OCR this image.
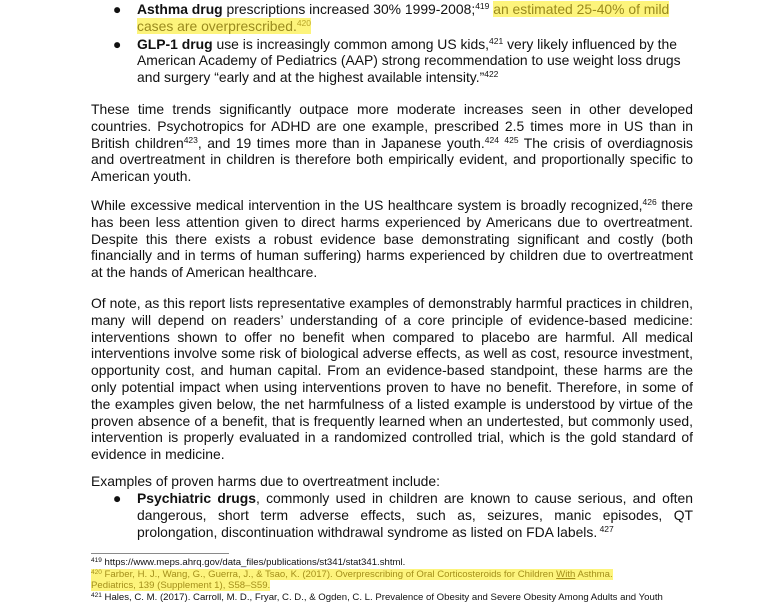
● Asthma drug prescriptions increased 30% 1999-2008;$^{419}$ an estimated 25-40% of mild cases are overprescribed.$^{420}$
● GLP-1 drug use is increasingly common among US kids,$^{421}$ very likely influenced by the American Academy of Pediatrics (AAP) strong recommendation to use weight loss drugs and surgery “early and at the highest available intensity.”$^{422}$

These time trends significantly outpace more moderate increases seen in other developed countries. Psychotropics for ADHD are one example, prescribed 2.5 times more in US than in British children$^{423}$, and 19 times more than in Japanese youth.$^{424}$ $^{425}$ The crisis of overdiagnosis and overtreatment in children is therefore both empirically evident, and proportionally specific to American youth.

While excessive medical intervention in the US healthcare system is broadly recognized,$^{426}$ there has been less attention given to direct harms experienced by Americans due to overtreatment. Despite this there exists a robust evidence base demonstrating significant and costly (both financially and in terms of human suffering) harms experienced by children due to overtreatment at the hands of American healthcare.

Of note, as this report lists representative examples of demonstrably harmful practices in children, many will depend on readers’ understanding of a core principle of evidence-based medicine: interventions shown to offer no benefit when compared to placebo are harmful. All medical interventions involve some risk of biological adverse effects, as well as cost, resource investment, opportunity cost, and human capital. From an evidence-based standpoint, these harms are the only potential impact when using interventions proven to have no benefit. Therefore, in some of the examples given below, the net harmfulness of a listed example is understood by virtue of the proven absence of a benefit, that is frequently learned when an undertested, but commonly used, intervention is properly evaluated in a randomized controlled trial, which is the gold standard of evidence in medicine.

Examples of proven harms due to overtreatment include:

● Psychiatric drugs, commonly used in children are known to cause serious, and often dangerous, short term adverse effects, such as, seizures, manic episodes, QT prolongation, discontinuation withdrawal syndrome as listed on FDA labels. $^{427}$
$^{419}$ https://www.meps.ahrq.gov/data_files/publications/st341/stat341.shtml.
$^{420}$ Farber, H. J., Wang, G., Guerra, J., & Tsao, K. (2017). Overprescribing of Oral Corticosteroids for Children With Asthma.
Pediatrics, 139 (Supplement 1), S58–S59.
$^{421}$ Hales, C. M. (2017). Carroll, M. D., Fryar, C. D., & Ogden, C. L. Prevalence of Obesity and Severe Obesity Among Adults and Youth
